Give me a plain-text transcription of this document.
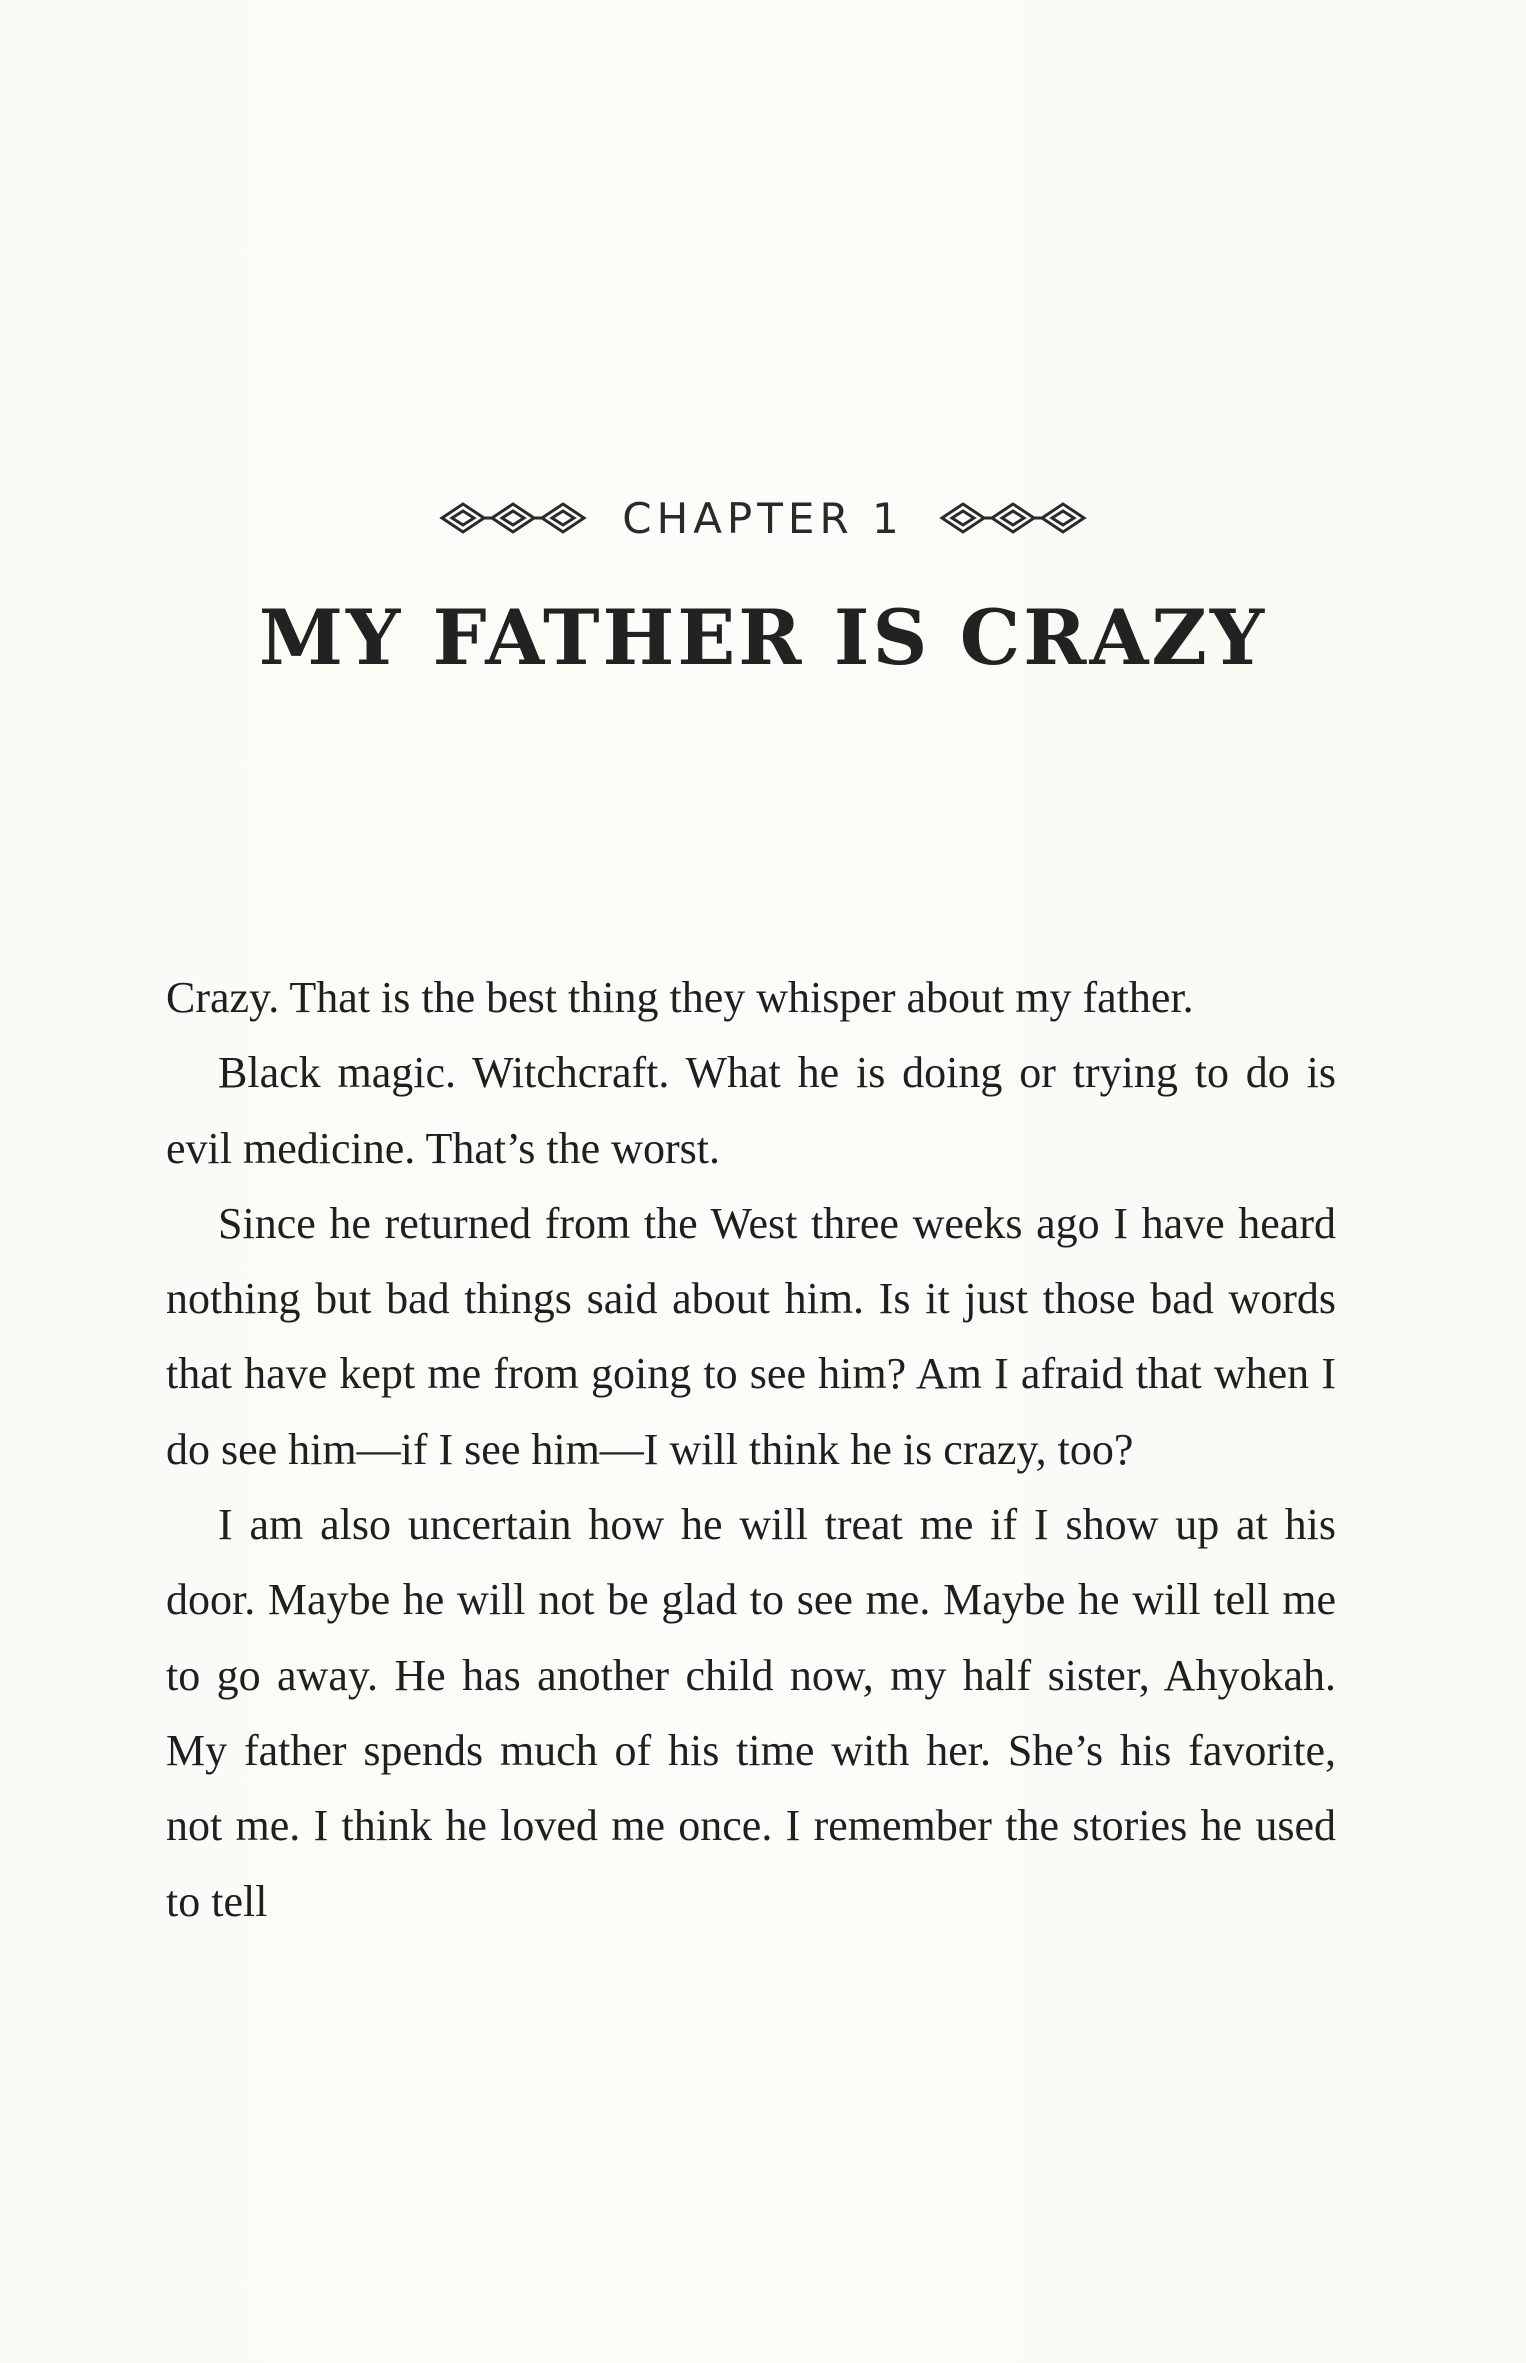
CHAPTER 1
MY FATHER IS CRAZY

Crazy. That is the best thing they whisper about my father.

Black magic. Witchcraft. What he is doing or trying to do is evil medicine. That’s the worst.

Since he returned from the West three weeks ago I have heard nothing but bad things said about him. Is it just those bad words that have kept me from going to see him? Am I afraid that when I do see him—if I see him—I will think he is crazy, too?

I am also uncertain how he will treat me if I show up at his door. Maybe he will not be glad to see me. Maybe he will tell me to go away. He has another child now, my half sister, Ahyokah. My father spends much of his time with her. She’s his favorite, not me. I think he loved me once. I remember the stories he used to tell
